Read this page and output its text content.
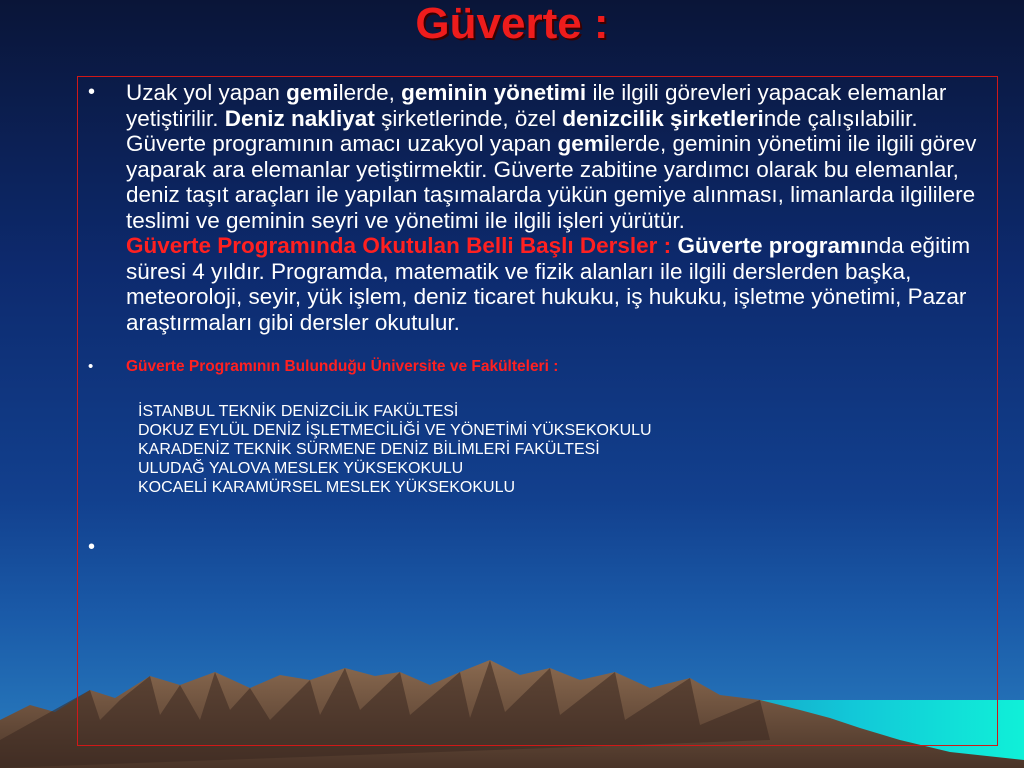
Güverte :
•	Uzak yol yapan gemilerde, geminin yönetimi ile ilgili görevleri yapacak elemanlar yetiştirilir. Deniz nakliyat şirketlerinde, özel denizcilik şirketlerinde çalışılabilir. Güverte programının amacı uzakyol yapan gemilerde, geminin yönetimi ile ilgili görev yaparak ara elemanlar yetiştirmektir. Güverte zabitine yardımcı olarak bu elemanlar, deniz taşıt araçları ile yapılan taşımalarda yükün gemiye alınması, limanlarda ilgililere teslimi ve geminin seyri ve yönetimi ile ilgili işleri yürütür.
Güverte Programında Okutulan Belli Başlı Dersler : Güverte programında eğitim süresi 4 yıldır. Programda, matematik ve fizik alanları ile ilgili derslerden başka, meteoroloji, seyir, yük işlem, deniz ticaret hukuku, iş hukuku, işletme yönetimi, Pazar araştırmaları gibi dersler okutulur.
•	Güverte Programının Bulunduğu Üniversite ve Fakülteleri :
İSTANBUL TEKNİK DENİZCİLİK FAKÜLTESİ
DOKUZ EYLÜL DENİZ İŞLETMECİLİĞİ VE YÖNETİMİ YÜKSEKOKULU
KARADENİZ TEKNİK SÜRMENE DENİZ BİLİMLERİ FAKÜLTESİ
ULUDAĞ YALOVA MESLEK YÜKSEKOKULU
KOCAELİ KARAMÜRSEL MESLEK YÜKSEKOKULU
•
